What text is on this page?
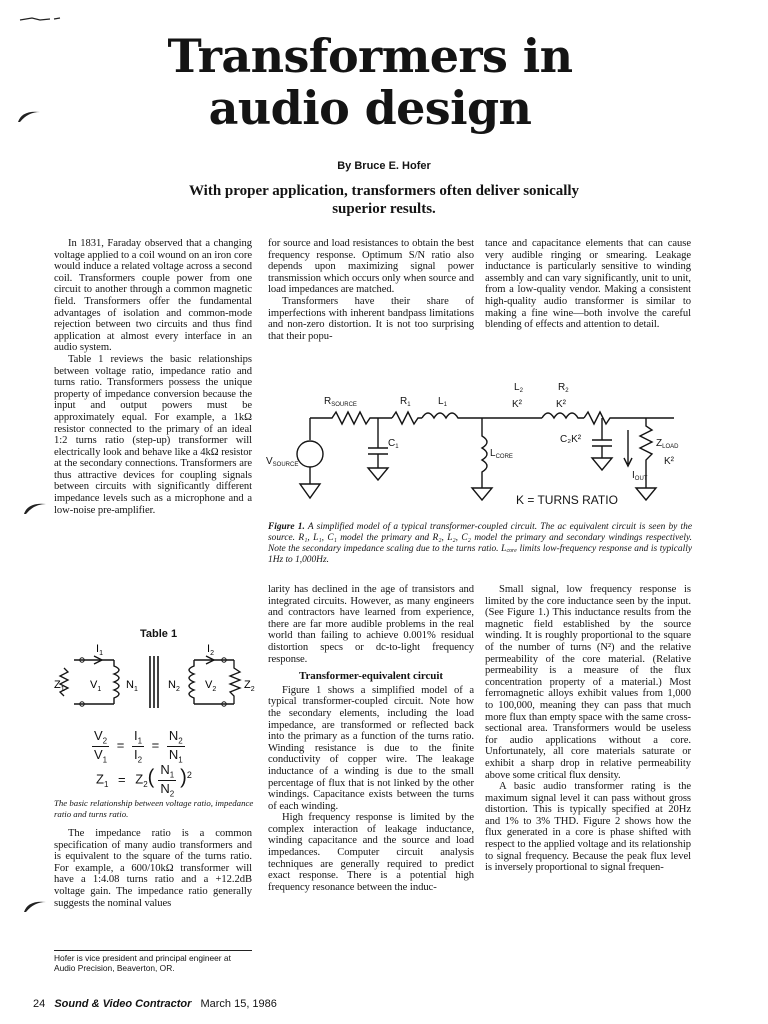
Transformers in
audio design
By Bruce E. Hofer
With proper application, transformers often deliver sonically superior results.

In 1831, Faraday observed that a changing voltage applied to a coil wound on an iron core would induce a related voltage across a second coil. Transformers couple power from one circuit to another through a common magnetic field. Transformers offer the fundamental advantages of isolation and common-mode rejection between two circuits and thus find application at almost every interface in an audio system.

Table 1 reviews the basic relationships between voltage ratio, impedance ratio and turns ratio. Transformers possess the unique property of impedance conversion because the input and output powers must be approximately equal. For example, a 1kΩ resistor connected to the primary of an ideal 1:2 turns ratio (step-up) transformer will electrically look and behave like a 4kΩ resistor at the secondary connections. Transformers are thus attractive devices for coupling signals between circuits with significantly different impedance levels such as a microphone and a low-noise pre-amplifier.

Table 1
$I_1$	$I_2$
$Z_1$ $V_1$ $N_1$	$N_2$ $V_2$	$Z_2$
$\frac{V_2}{V_1} = \frac{I_1}{I_2} = \frac{N_2}{N_1}$
$Z_1 = Z_2( \frac{N_1}{N_2} )^2$
The basic relationship between voltage ratio, impedance ratio and turns ratio.

The impedance ratio is a common specification of many audio transformers and is equivalent to the square of the turns ratio. For example, a 600/10kΩ transformer will have a 1:4.08 turns ratio and a +12.2dB voltage gain. The impedance ratio generally suggests the nominal values

Hofer is vice president and principal engineer at Audio Precision, Beaverton, OR.

for source and load resistances to obtain the best frequency response. Optimum S/N ratio also depends upon maximizing signal power transmission which occurs only when source and load impedances are matched.

Transformers have their share of imperfections with inherent bandpass limitations and non-zero distortion. It is not too surprising that their popu-

tance and capacitance elements that can cause very audible ringing or smearing. Leakage inductance is particularly sensitive to winding assembly and can vary significantly, unit to unit, from a low-quality vendor. Making a consistent high-quality audio transformer is similar to making a fine wine—both involve the careful blending of effects and attention to detail.

$R_{SOURCE}$	$R_1$	$L_1$
$L_2$
K²
$R_2$
K²
$C_1$
$L_{CORE}$
C₂K²	$Z_{LOAD}$
K²
$I_{OUT}$
$V_{SOURCE}$
K = TURNS RATIO
Figure 1. A simplified model of a typical transformer-coupled circuit. The ac equivalent circuit is seen by the source. R₁, L₁, C₁ model the primary and R₂, L₂, C₂ model the primary and secondary windings respectively. Note the secondary impedance scaling due to the turns ratio. L꜀ₒᵣₑ limits low-frequency response and is typically 1Hz to 1,000Hz.

larity has declined in the age of transistors and integrated circuits. However, as many engineers and contractors have learned from experience, there are far more audible problems in the real world than failing to achieve 0.001% residual distortion specs or dc-to-light frequency response.

Transformer-equivalent circuit

Figure 1 shows a simplified model of a typical transformer-coupled circuit. Note how the secondary elements, including the load impedance, are transformed or reflected back into the primary as a function of the turns ratio. Winding resistance is due to the finite conductivity of copper wire. The leakage inductance of a winding is due to the small percentage of flux that is not linked by the other windings. Capacitance exists between the turns of each winding.

High frequency response is limited by the complex interaction of leakage inductance, winding capacitance and the source and load impedances. Computer circuit analysis techniques are generally required to predict exact response. There is a potential high frequency resonance between the induc-

Small signal, low frequency response is limited by the core inductance seen by the input. (See Figure 1.) This inductance results from the magnetic field established by the source winding. It is roughly proportional to the square of the number of turns (N²) and the relative permeability of the core material. (Relative permeability is a measure of the flux concentration property of a material.) Most ferromagnetic alloys exhibit values from 1,000 to 100,000, meaning they can pass that much more flux than empty space with the same cross-sectional area. Transformers would be useless for audio applications without a core. Unfortunately, all core materials saturate or exhibit a sharp drop in relative permeability above some critical flux density.

A basic audio transformer rating is the maximum signal level it can pass without gross distortion. This is typically specified at 20Hz and 1% to 3% THD. Figure 2 shows how the flux generated in a core is phase shifted with respect to the applied voltage and its relationship to signal frequency. Because the peak flux level is inversely proportional to signal frequen-

24 Sound & Video Contractor March 15, 1986
